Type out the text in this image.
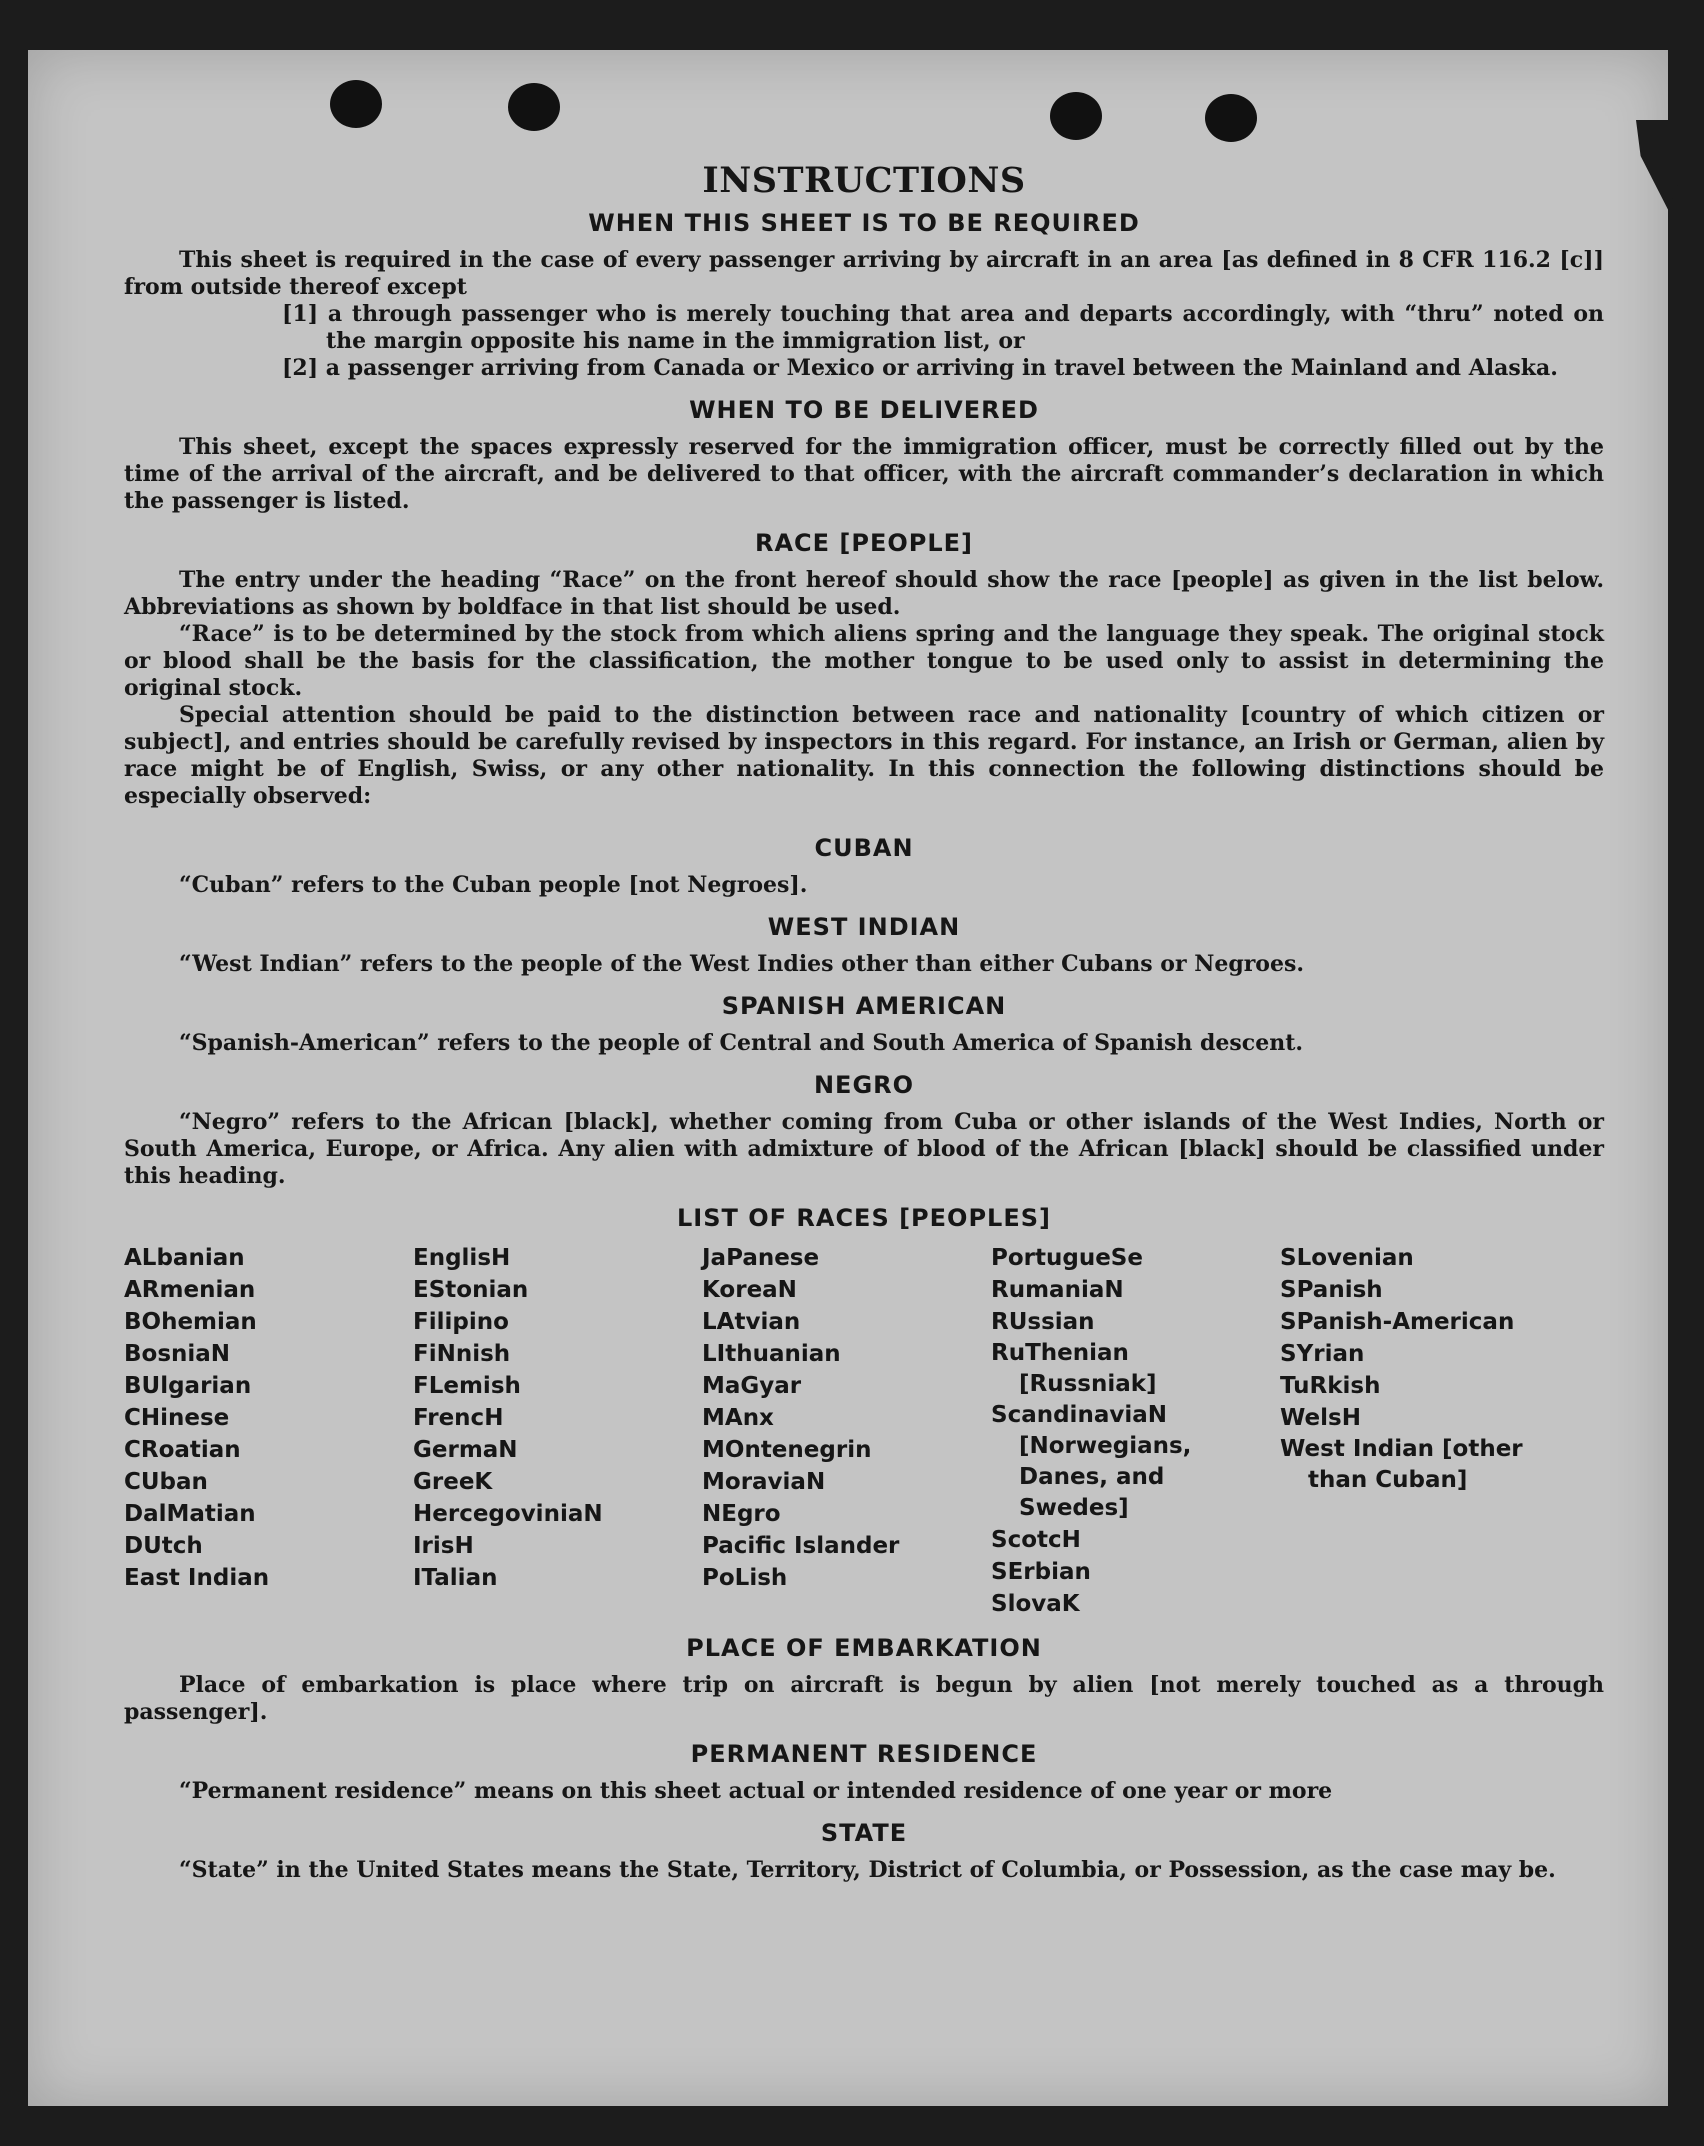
INSTRUCTIONS
WHEN THIS SHEET IS TO BE REQUIRED

This sheet is required in the case of every passenger arriving by aircraft in an area [as defined in 8 CFR 116.2 [c]] from outside thereof except

[1] a through passenger who is merely touching that area and departs accordingly, with “thru” noted on the margin opposite his name in the immigration list, or

[2] a passenger arriving from Canada or Mexico or arriving in travel between the Mainland and Alaska.

WHEN TO BE DELIVERED

This sheet, except the spaces expressly reserved for the immigration officer, must be correctly filled out by the time of the arrival of the aircraft, and be delivered to that officer, with the aircraft commander’s declaration in which the passenger is listed.

RACE [PEOPLE]

The entry under the heading “Race” on the front hereof should show the race [people] as given in the list below. Abbreviations as shown by boldface in that list should be used.

“Race” is to be determined by the stock from which aliens spring and the language they speak. The original stock or blood shall be the basis for the classification, the mother tongue to be used only to assist in determining the original stock.

Special attention should be paid to the distinction between race and nationality [country of which citizen or subject], and entries should be carefully revised by inspectors in this regard. For instance, an Irish or German, alien by race might be of English, Swiss, or any other nationality. In this connection the following distinctions should be especially observed:

CUBAN

“Cuban” refers to the Cuban people [not Negroes].

WEST INDIAN

“West Indian” refers to the people of the West Indies other than either Cubans or Negroes.

SPANISH AMERICAN

“Spanish-American” refers to the people of Central and South America of Spanish descent.

NEGRO

“Negro” refers to the African [black], whether coming from Cuba or other islands of the West Indies, North or South America, Europe, or Africa. Any alien with admixture of blood of the African [black] should be classified under this heading.

LIST OF RACES [PEOPLES]
ALbanian
ARmenian
BOhemian
BosniaN
BUlgarian
CHinese
CRoatian
CUban
DalMatian
DUtch
East Indian
EnglisH
EStonian
Filipino
FiNnish
FLemish
FrencH
GermaN
GreeK
HercegoviniaN
IrisH
ITalian
JaPanese
KoreaN
LAtvian
LIthuanian
MaGyar
MAnx
MOntenegrin
MoraviaN
NEgro
Pacific Islander
PoLish
PortugueSe
RumaniaN
RUssian
RuThenian [Russniak]
ScandinaviaN [Norwegians, Danes, and Swedes]
ScotcH
SErbian
SlovaK
SLovenian
SPanish
SPanish-American
SYrian
TuRkish
WelsH
West Indian [other than Cuban]
PLACE OF EMBARKATION

Place of embarkation is place where trip on aircraft is begun by alien [not merely touched as a through passenger].

PERMANENT RESIDENCE

“Permanent residence” means on this sheet actual or intended residence of one year or more

STATE

“State” in the United States means the State, Territory, District of Columbia, or Possession, as the case may be.
